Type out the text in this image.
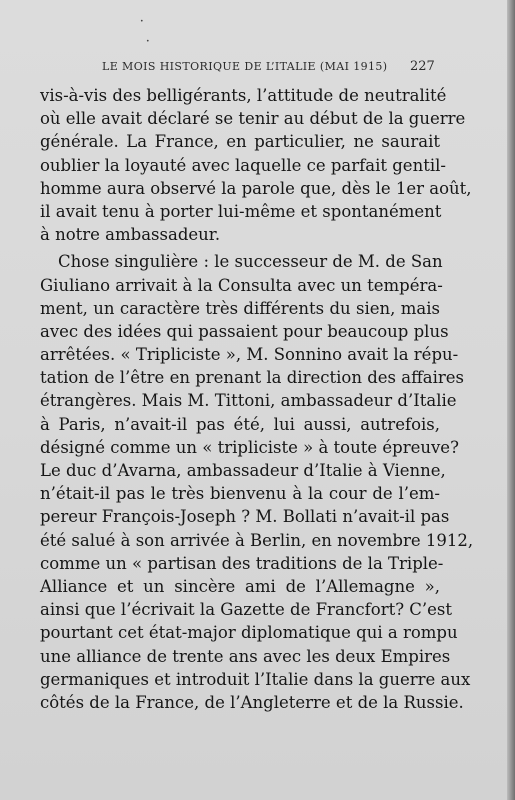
•
•
LE MOIS HISTORIQUE DE L’ITALIE (MAI 1915) 227
vis-à-vis des belligérants, l’attitude de neutralité
où elle avait déclaré se tenir au début de la guerre
générale. La France, en particulier, ne saurait
oublier la loyauté avec laquelle ce parfait gentil-
homme aura observé la parole que, dès le 1er août,
il avait tenu à porter lui-même et spontanément
à notre ambassadeur.
Chose singulière : le successeur de M. de San
Giuliano arrivait à la Consulta avec un tempéra-
ment, un caractère très différents du sien, mais
avec des idées qui passaient pour beaucoup plus
arrêtées. « Tripliciste », M. Sonnino avait la répu-
tation de l’être en prenant la direction des affaires
étrangères. Mais M. Tittoni, ambassadeur d’Italie
à Paris, n’avait-il pas été, lui aussi, autrefois,
désigné comme un « tripliciste » à toute épreuve?
Le duc d’Avarna, ambassadeur d’Italie à Vienne,
n’était-il pas le très bienvenu à la cour de l’em-
pereur François-Joseph ? M. Bollati n’avait-il pas
été salué à son arrivée à Berlin, en novembre 1912,
comme un « partisan des traditions de la Triple-
Alliance et un sincère ami de l’Allemagne »,
ainsi que l’écrivait la Gazette de Francfort? C’est
pourtant cet état-major diplomatique qui a rompu
une alliance de trente ans avec les deux Empires
germaniques et introduit l’Italie dans la guerre aux
côtés de la France, de l’Angleterre et de la Russie.
